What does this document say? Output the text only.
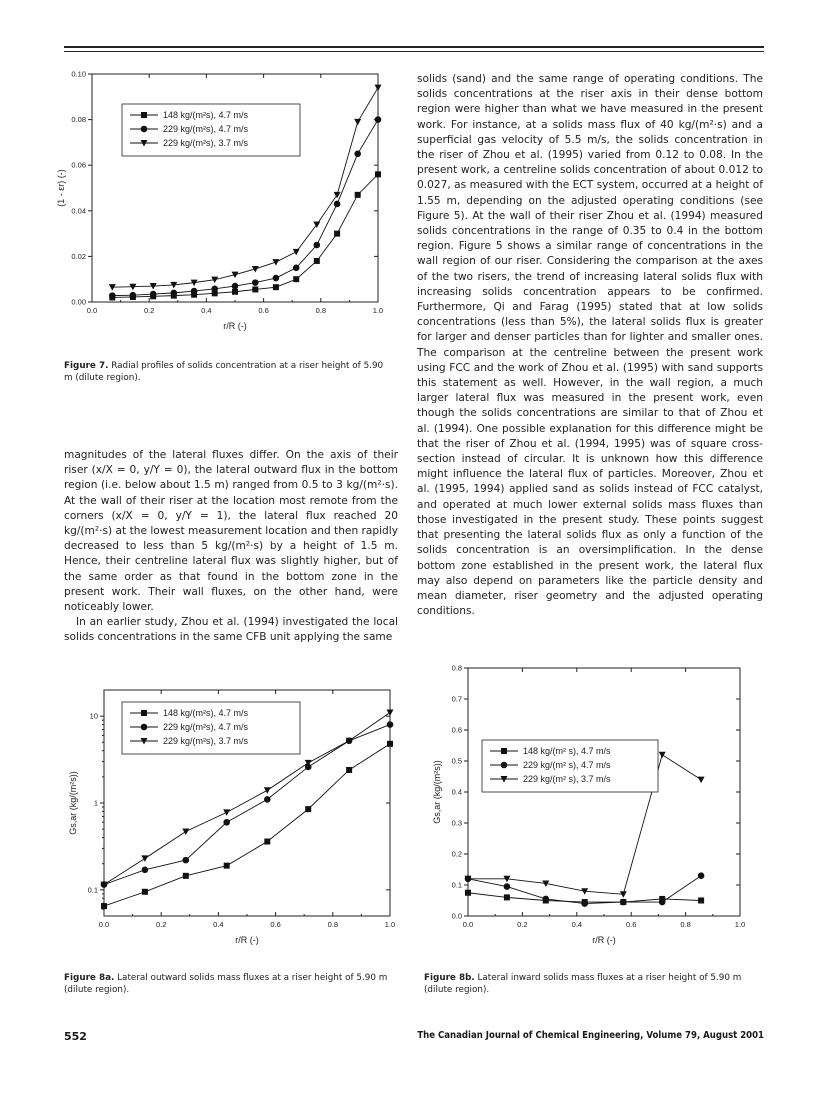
0.0	0.2	0.4	0.6	0.8	1.0
0.00
0.02
0.04
0.06
0.08
0.10
r/R (-)
(1 - εr) (-)
148 kg/(m²s), 4.7 m/s
229 kg/(m²s), 4.7 m/s
229 kg/(m²s), 3.7 m/s
Figure 7. Radial profiles of solids concentration at a riser height of 5.90 m (dilute region).

magnitudes of the lateral fluxes differ. On the axis of their riser (x/X = 0, y/Y = 0), the lateral outward flux in the bottom region (i.e. below about 1.5 m) ranged from 0.5 to 3 kg/(m²·s). At the wall of their riser at the location most remote from the corners (x/X = 0, y/Y = 1), the lateral flux reached 20 kg/(m²·s) at the lowest measurement location and then rapidly decreased to less than 5 kg/(m²·s) by a height of 1.5 m. Hence, their centreline lateral flux was slightly higher, but of the same order as that found in the bottom zone in the present work. Their wall fluxes, on the other hand, were noticeably lower.

In an earlier study, Zhou et al. (1994) investigated the local solids concentrations in the same CFB unit applying the same

solids (sand) and the same range of operating conditions. The solids concentrations at the riser axis in their dense bottom region were higher than what we have measured in the present work. For instance, at a solids mass flux of 40 kg/(m²·s) and a superficial gas velocity of 5.5 m/s, the solids concentration in the riser of Zhou et al. (1995) varied from 0.12 to 0.08. In the present work, a centreline solids concentration of about 0.012 to 0.027, as measured with the ECT system, occurred at a height of 1.55 m, depending on the adjusted operating conditions (see Figure 5). At the wall of their riser Zhou et al. (1994) measured solids concentrations in the range of 0.35 to 0.4 in the bottom region. Figure 5 shows a similar range of concentrations in the wall region of our riser. Considering the comparison at the axes of the two risers, the trend of increasing lateral solids flux with increasing solids concentration appears to be confirmed. Furthermore, Qi and Farag (1995) stated that at low solids concentrations (less than 5%), the lateral solids flux is greater for larger and denser particles than for lighter and smaller ones. The comparison at the centreline between the present work using FCC and the work of Zhou et al. (1995) with sand supports this statement as well. However, in the wall region, a much larger lateral flux was measured in the present work, even though the solids concentrations are similar to that of Zhou et al. (1994). One possible explanation for this difference might be that the riser of Zhou et al. (1994, 1995) was of square cross-section instead of circular. It is unknown how this difference might influence the lateral flux of particles. Moreover, Zhou et al. (1995, 1994) applied sand as solids instead of FCC catalyst, and operated at much lower external solids mass fluxes than those investigated in the present study. These points suggest that presenting the lateral solids flux as only a function of the solids concentration is an oversimplification. In the dense bottom zone established in the present work, the lateral flux may also depend on parameters like the particle density and mean diameter, riser geometry and the adjusted operating conditions.

0.0	0.2	0.4	0.6	0.8	1.0
0.1
1
10
r/R (-)
Gs,ar (kg/(m²s))
148 kg/(m²s), 4.7 m/s
229 kg/(m²s), 4.7 m/s
229 kg/(m²s), 3.7 m/s
Figure 8a. Lateral outward solids mass fluxes at a riser height of 5.90 m (dilute region).
0.0	0.2	0.4	0.6	0.8	1.0
0.0
0.1
0.2
0.3
0.4
0.5
0.6
0.7
0.8
r/R (-)
Gs,ar (kg/(m²s))
148 kg/(m² s), 4.7 m/s
229 kg/(m² s), 4.7 m/s
229 kg/(m² s), 3.7 m/s
Figure 8b. Lateral inward solids mass fluxes at a riser height of 5.90 m (dilute region).
552	The Canadian Journal of Chemical Engineering, Volume 79, August 2001
